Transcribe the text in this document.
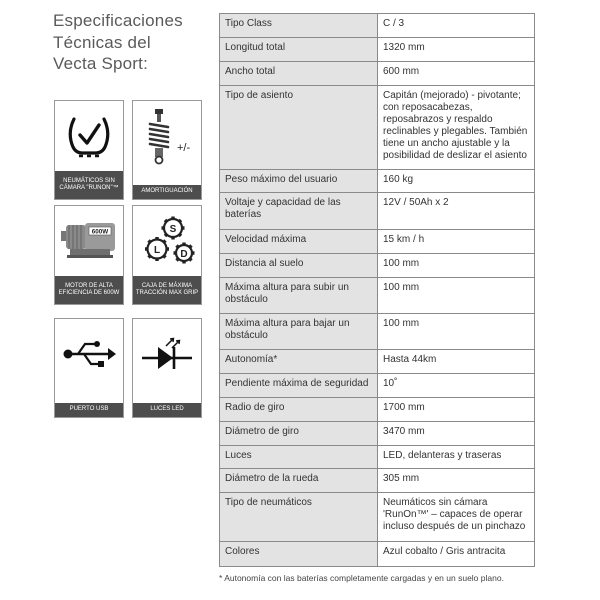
Especificaciones
Técnicas del
Vecta Sport:
NEUMÁTICOS SIN CÁMARA "RUNON"™
+/-
AMORTIGUACIÓN
600W
MOTOR DE ALTA EFICIENCIA DE 600W
S
L D
CAJA DE MÁXIMA TRACCIÓN MAX GRIP
PUERTO USB	LUCES LED
Tipo Class	C / 3
Longitud total	1320 mm
Ancho total	600 mm
Tipo de asiento	Capitán (mejorado) - pivotante; con reposacabezas, reposabrazos y respaldo reclinables y plegables. También tiene un ancho ajustable y la posibilidad de deslizar el asiento
Peso máximo del usuario	160 kg
Voltaje y capacidad de las baterías	12V / 50Ah x 2
Velocidad máxima	15 km / h
Distancia al suelo	100 mm
Máxima altura para subir un obstáculo	100 mm
Máxima altura para bajar un obstáculo	100 mm
Autonomía*	Hasta 44km
Pendiente máxima de seguridad	10˚
Radio de giro	1700 mm
Diámetro de giro	3470 mm
Luces	LED, delanteras y traseras
Diámetro de la rueda	305 mm
Tipo de neumáticos	Neumáticos sin cámara 'RunOn™' – capaces de operar incluso después de un pinchazo
Colores	Azul cobalto / Gris antracita
* Autonomía con las baterías completamente cargadas y en un suelo plano.
